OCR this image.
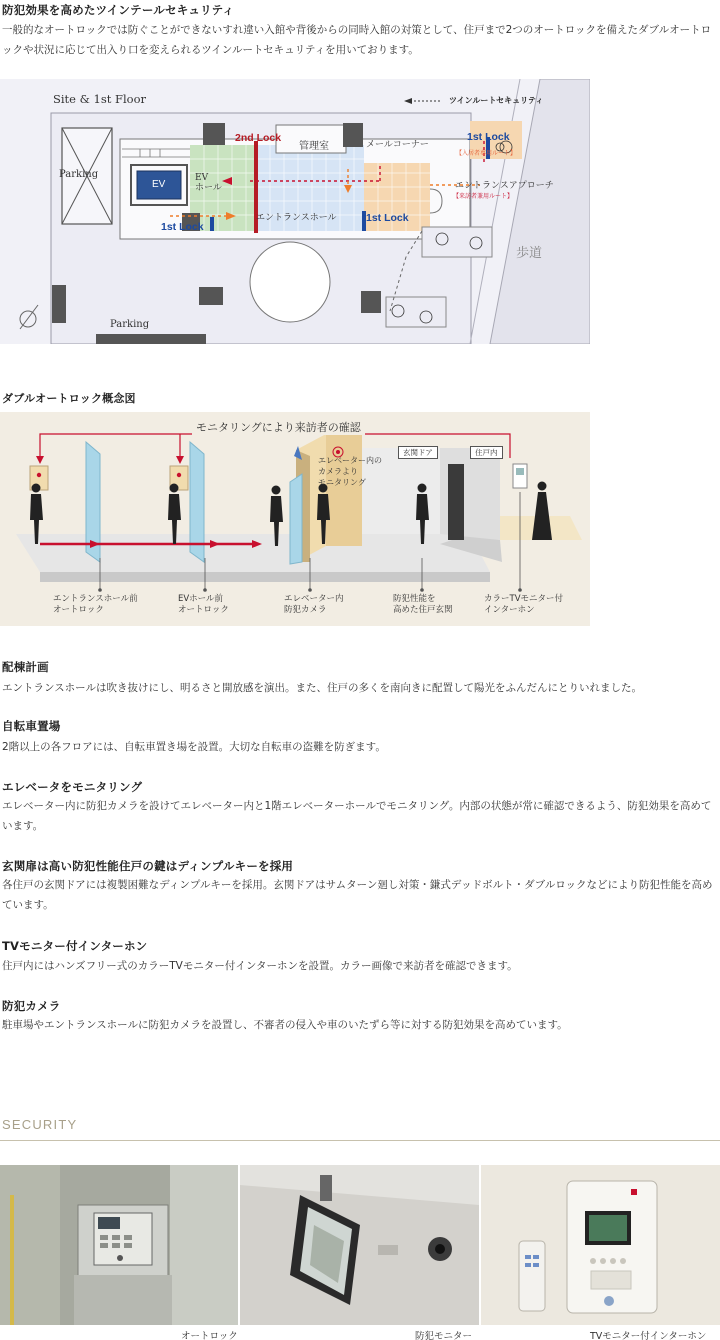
防犯効果を高めたツインテールセキュリティ
一般的なオートロックでは防ぐことができないすれ違い入館や背後からの同時入館の対策として、住戸まで2つのオートロックを備えたダブルオートロックや状況に応じて出入り口を変えられるツインルートセキュリティを用いております。
Site & 1st Floor	ツインルートセキュリティ
Parking
Parking
EV
EV
ホール
管理室	メールコーナー
エントランスホール
エントランスアプローチ
歩道
2nd Lock	1st Lock
1st Lock
1st Lock
【入居者専用ルート】
【来訪者兼用ルート】
ダブルオートロック概念図
モニタリングにより来訪者の確認
エレベーター内の
カメラより
モニタリング
玄関ドア	住戸内
エントランスホール前
オートロック
EVホール前
オートロック
エレベーター内
防犯カメラ
防犯性能を
高めた住戸玄関
カラーTVモニター付
インターホン
配棟計画
エントランスホールは吹き抜けにし、明るさと開放感を演出。また、住戸の多くを南向きに配置して陽光をふんだんにとりいれました。
自転車置場
2階以上の各フロアには、自転車置き場を設置。大切な自転車の盗難を防ぎます。
エレベータをモニタリング
エレベーター内に防犯カメラを設けてエレベーター内と1階エレベーターホールでモニタリング。内部の状態が常に確認できるよう、防犯効果を高めています。
玄関扉は高い防犯性能住戸の鍵はディンプルキーを採用
各住戸の玄関ドアには複製困難なディンプルキーを採用。玄関ドアはサムターン廻し対策・鎌式デッドボルト・ダブルロックなどにより防犯性能を高めています。
TVモニター付インターホン
住戸内にはハンズフリー式のカラーTVモニター付インターホンを設置。カラー画像で来訪者を確認できます。
防犯カメラ
駐車場やエントランスホールに防犯カメラを設置し、不審者の侵入や車のいたずら等に対する防犯効果を高めています。
SECURITY
オートロック	防犯モニター	TVモニター付インターホン
